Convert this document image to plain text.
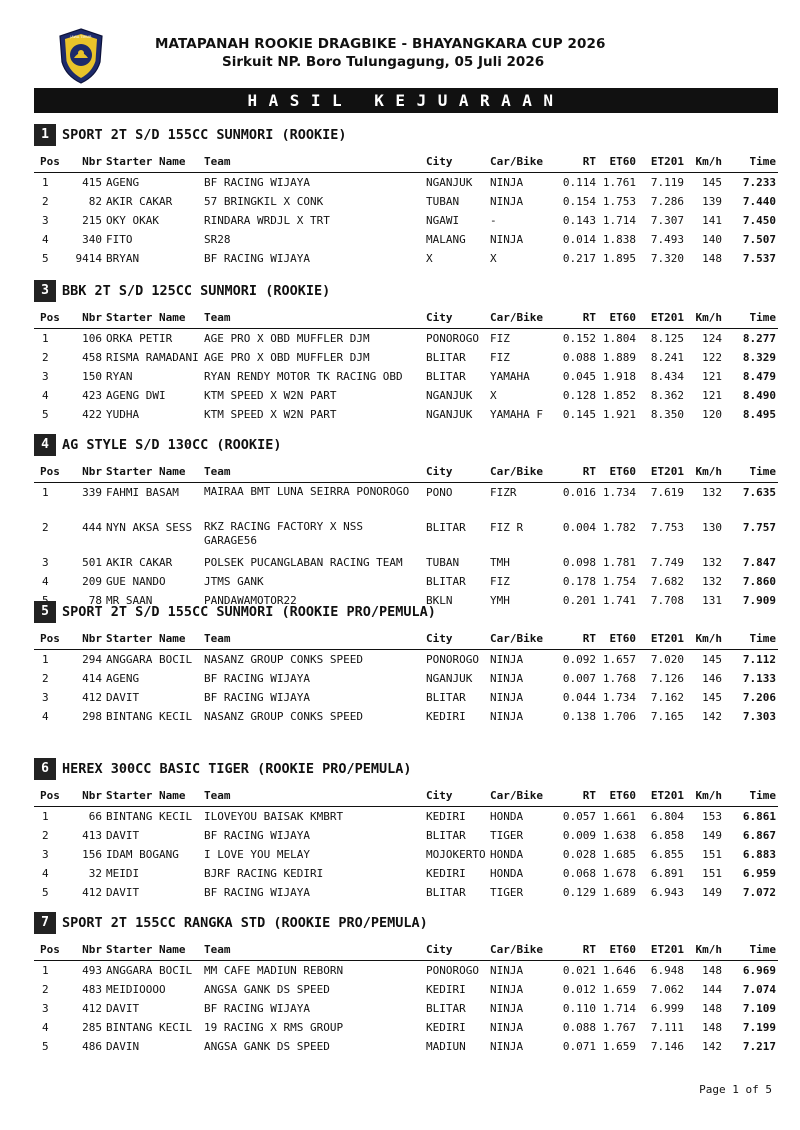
JAWA TIMUR	MATAPANAH ROOKIE DRAGBIKE - BHAYANGKARA CUP 2026
Sirkuit NP. Boro Tulungagung, 05 Juli 2026
HASIL KEJUARAAN
1 SPORT 2T S/D 155CC SUNMORI (ROOKIE)
Pos	Nbr	Starter Name	Team	City	Car/Bike	RT	ET60	ET201	Km/h	Time
1	415	AGENG	BF RACING WIJAYA	NGANJUK	NINJA	0.114	1.761	7.119	145	7.233
2	82	AKIR CAKAR	57 BRINGKIL X CONK	TUBAN	NINJA	0.154	1.753	7.286	139	7.440
3	215	OKY OKAK	RINDARA WRDJL X TRT	NGAWI	-	0.143	1.714	7.307	141	7.450
4	340	FITO	SR28	MALANG	NINJA	0.014	1.838	7.493	140	7.507
5	9414	BRYAN	BF RACING WIJAYA	X	X	0.217	1.895	7.320	148	7.537
3 BBK 2T S/D 125CC SUNMORI (ROOKIE)
Pos	Nbr	Starter Name	Team	City	Car/Bike	RT	ET60	ET201	Km/h	Time
1	106	ORKA PETIR	AGE PRO X OBD MUFFLER DJM	PONOROGO	FIZ	0.152	1.804	8.125	124	8.277
2	458	RISMA RAMADANI	AGE PRO X OBD MUFFLER DJM	BLITAR	FIZ	0.088	1.889	8.241	122	8.329
3	150	RYAN	RYAN RENDY MOTOR TK RACING OBD	BLITAR	YAMAHA	0.045	1.918	8.434	121	8.479
4	423	AGENG DWI	KTM SPEED X W2N PART	NGANJUK	X	0.128	1.852	8.362	121	8.490
5	422	YUDHA	KTM SPEED X W2N PART	NGANJUK	YAMAHA F	0.145	1.921	8.350	120	8.495
4 AG STYLE S/D 130CC (ROOKIE)
Pos	Nbr	Starter Name	Team	City	Car/Bike	RT	ET60	ET201	Km/h	Time
1	339	FAHMI BASAM	MAIRAA BMT LUNA SEIRRA PONOROGO	PONO	FIZR	0.016	1.734	7.619	132	7.635
2	444	NYN AKSA SESS	RKZ RACING FACTORY X NSS GARAGE56	BLITAR	FIZ R	0.004	1.782	7.753	130	7.757
3	501	AKIR CAKAR	POLSEK PUCANGLABAN RACING TEAM	TUBAN	TMH	0.098	1.781	7.749	132	7.847
4	209	GUE NANDO	JTMS GANK	BLITAR	FIZ	0.178	1.754	7.682	132	7.860
	78	MR SAAN	PANDAWAMOTOR22	BKLN	YMH	0.201	1.741	7.708	131	7.909
5 SPORT 2T S/D 155CC SUNMORI (ROOKIE PRO/PEMULA)
Pos	Nbr	Starter Name	Team	City	Car/Bike	RT	ET60	ET201	Km/h	Time
1	294	ANGGARA BOCIL	NASANZ GROUP CONKS SPEED	PONOROGO	NINJA	0.092	1.657	7.020	145	7.112
2	414	AGENG	BF RACING WIJAYA	NGANJUK	NINJA	0.007	1.768	7.126	146	7.133
3	412	DAVIT	BF RACING WIJAYA	BLITAR	NINJA	0.044	1.734	7.162	145	7.206
4	298	BINTANG KECIL	NASANZ GROUP CONKS SPEED	KEDIRI	NINJA	0.138	1.706	7.165	142	7.303
6 HEREX 300CC BASIC TIGER (ROOKIE PRO/PEMULA)
Pos	Nbr	Starter Name	Team	City	Car/Bike	RT	ET60	ET201	Km/h	Time
1	66	BINTANG KECIL	ILOVEYOU BAISAK KMBRT	KEDIRI	HONDA	0.057	1.661	6.804	153	6.861
2	413	DAVIT	BF RACING WIJAYA	BLITAR	TIGER	0.009	1.638	6.858	149	6.867
3	156	IDAM BOGANG	I LOVE YOU MELAY	MOJOKERTO	HONDA	0.028	1.685	6.855	151	6.883
4	32	MEIDI	BJRF RACING KEDIRI	KEDIRI	HONDA	0.068	1.678	6.891	151	6.959
5	412	DAVIT	BF RACING WIJAYA	BLITAR	TIGER	0.129	1.689	6.943	149	7.072
7 SPORT 2T 155CC RANGKA STD (ROOKIE PRO/PEMULA)
Pos	Nbr	Starter Name	Team	City	Car/Bike	RT	ET60	ET201	Km/h	Time
1	493	ANGGARA BOCIL	MM CAFE MADIUN REBORN	PONOROGO	NINJA	0.021	1.646	6.948	148	6.969
2	483	MEIDIOOOO	ANGSA GANK DS SPEED	KEDIRI	NINJA	0.012	1.659	7.062	144	7.074
3	412	DAVIT	BF RACING WIJAYA	BLITAR	NINJA	0.110	1.714	6.999	148	7.109
4	285	BINTANG KECIL	19 RACING X RMS GROUP	KEDIRI	NINJA	0.088	1.767	7.111	148	7.199
5	486	DAVIN	ANGSA GANK DS SPEED	MADIUN	NINJA	0.071	1.659	7.146	142	7.217
Page 1 of 5
